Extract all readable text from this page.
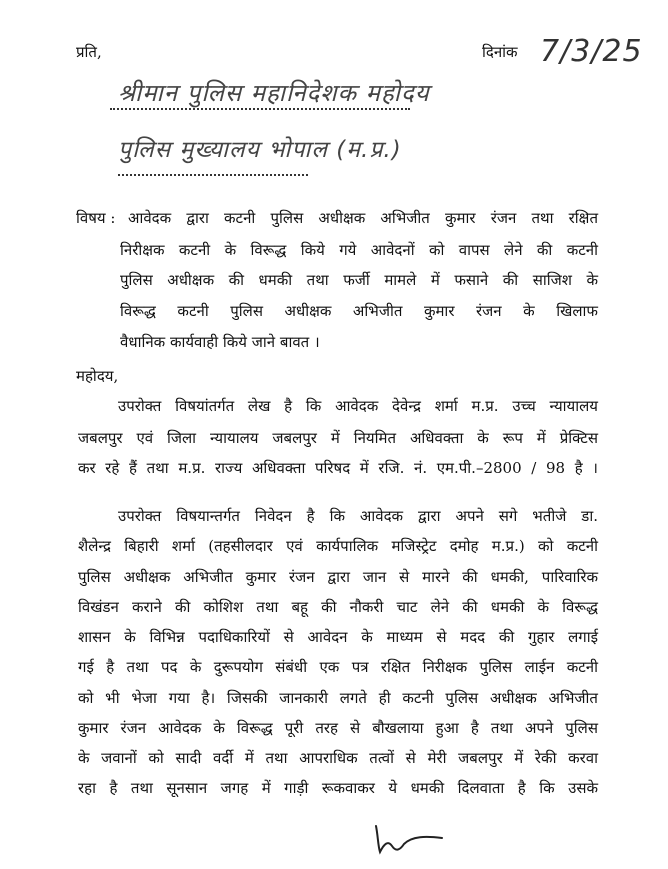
प्रति,	दिनांक 7/3/25
श्रीमान पुलिस महानिदेशक महोदय
पुलिस मुख्यालय भोपाल (म.प्र.)
विषय : आवेदक द्वारा कटनी पुलिस अधीक्षक अभिजीत कुमार रंजन तथा रक्षित
निरीक्षक कटनी के विरूद्ध किये गये आवेदनों को वापस लेने की कटनी
पुलिस अधीक्षक की धमकी तथा फर्जी मामले में फसाने की साजिश के
विरूद्ध कटनी पुलिस अधीक्षक अभिजीत कुमार रंजन के खिलाफ
वैधानिक कार्यवाही किये जाने बावत ।
महोदय,
उपरोक्त विषयांतर्गत लेख है कि आवेदक देवेन्द्र शर्मा म.प्र. उच्च न्यायालय
जबलपुर एवं जिला न्यायालय जबलपुर में नियमित अधिवक्ता के रूप में प्रेक्टिस
कर रहे हैं तथा म.प्र. राज्य अधिवक्ता परिषद में रजि. नं. एम.पी.–2800 / 98 है ।
उपरोक्त विषयान्तर्गत निवेदन है कि आवेदक द्वारा अपने सगे भतीजे डा.
शैलेन्द्र बिहारी शर्मा (तहसीलदार एवं कार्यपालिक मजिस्ट्रेट दमोह म.प्र.) को कटनी
पुलिस अधीक्षक अभिजीत कुमार रंजन द्वारा जान से मारने की धमकी, पारिवारिक
विखंडन कराने की कोशिश तथा बहू की नौकरी चाट लेने की धमकी के विरूद्ध
शासन के विभिन्न पदाधिकारियों से आवेदन के माध्यम से मदद की गुहार लगाई
गई है तथा पद के दुरूपयोग संबंधी एक पत्र रक्षित निरीक्षक पुलिस लाईन कटनी
को भी भेजा गया है। जिसकी जानकारी लगते ही कटनी पुलिस अधीक्षक अभिजीत
कुमार रंजन आवेदक के विरूद्ध पूरी तरह से बौखलाया हुआ है तथा अपने पुलिस
के जवानों को सादी वर्दी में तथा आपराधिक तत्वों से मेरी जबलपुर में रेकी करवा
रहा है तथा सूनसान जगह में गाड़ी रूकवाकर ये धमकी दिलवाता है कि उसके
